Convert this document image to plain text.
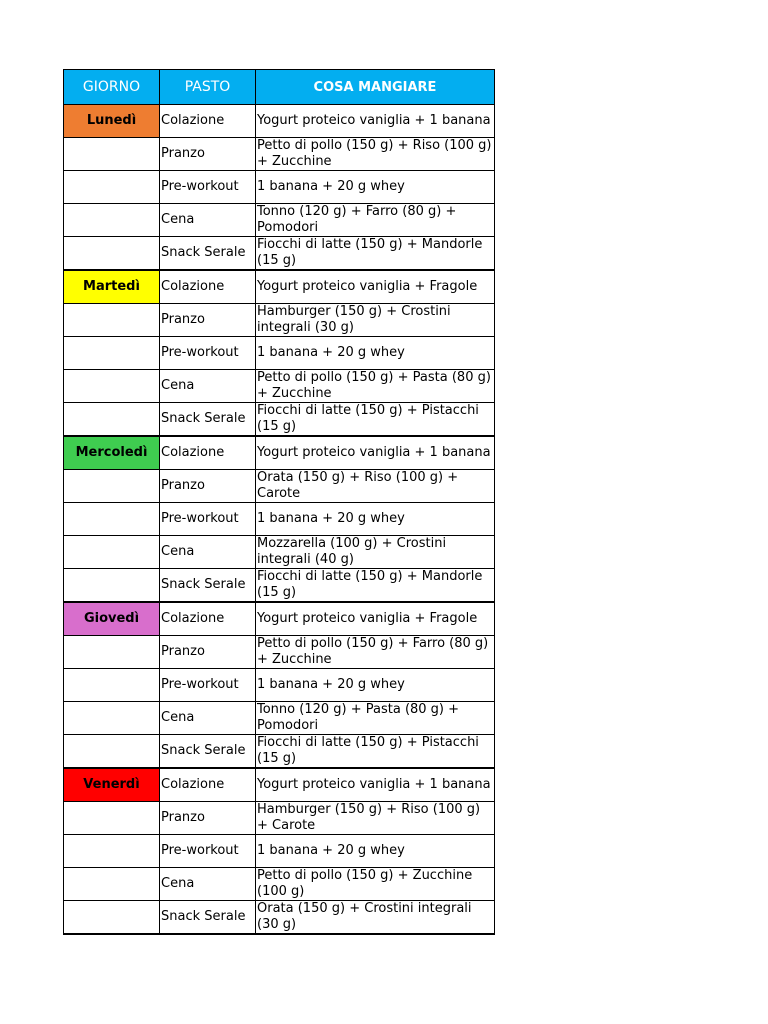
GIORNO	PASTO	COSA MANGIARE
Lunedì	Colazione	Yogurt proteico vaniglia + 1 banana
	Pranzo	Petto di pollo (150 g) + Riso (100 g) + Zucchine
	Pre-workout	1 banana + 20 g whey
	Cena	Tonno (120 g) + Farro (80 g) + Pomodori
	Snack Serale	Fiocchi di latte (150 g) + Mandorle (15 g)
Martedì	Colazione	Yogurt proteico vaniglia + Fragole
	Pranzo	Hamburger (150 g) + Crostini integrali (30 g)
	Pre-workout	1 banana + 20 g whey
	Cena	Petto di pollo (150 g) + Pasta (80 g) + Zucchine
	Snack Serale	Fiocchi di latte (150 g) + Pistacchi (15 g)
Mercoledì	Colazione	Yogurt proteico vaniglia + 1 banana
	Pranzo	Orata (150 g) + Riso (100 g) + Carote
	Pre-workout	1 banana + 20 g whey
	Cena	Mozzarella (100 g) + Crostini integrali (40 g)
	Snack Serale	Fiocchi di latte (150 g) + Mandorle (15 g)
Giovedì	Colazione	Yogurt proteico vaniglia + Fragole
	Pranzo	Petto di pollo (150 g) + Farro (80 g) + Zucchine
	Pre-workout	1 banana + 20 g whey
	Cena	Tonno (120 g) + Pasta (80 g) + Pomodori
	Snack Serale	Fiocchi di latte (150 g) + Pistacchi (15 g)
Venerdì	Colazione	Yogurt proteico vaniglia + 1 banana
	Pranzo	Hamburger (150 g) + Riso (100 g) + Carote
	Pre-workout	1 banana + 20 g whey
	Cena	Petto di pollo (150 g) + Zucchine (100 g)
	Snack Serale	Orata (150 g) + Crostini integrali (30 g)
